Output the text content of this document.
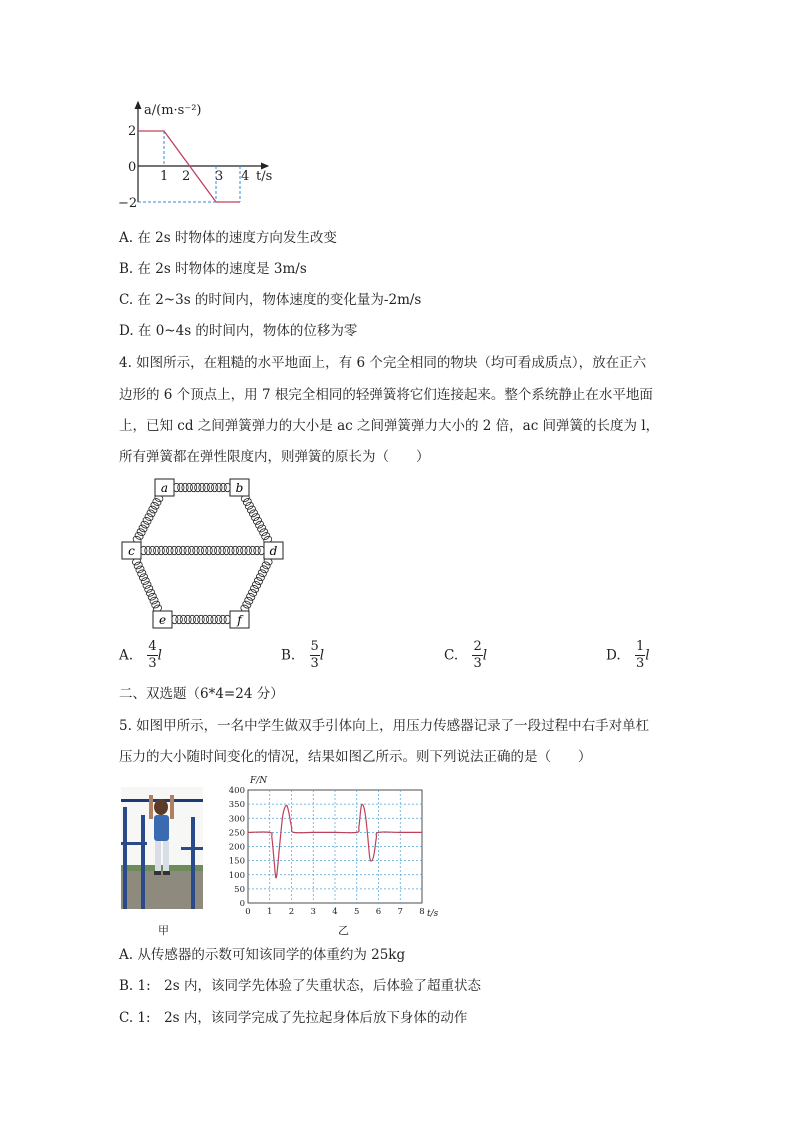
a/(m·s⁻²)
t/s
2
0
−2
1 2 3 4
A. 在 2s 时物体的速度方向发生改变
B. 在 2s 时物体的速度是 3m/s
C. 在 2~3s 的时间内，物体速度的变化量为-2m/s
D. 在 0~4s 的时间内，物体的位移为零
4. 如图所示，在粗糙的水平地面上，有 6 个完全相同的物块（均可看成质点），放在正六
边形的 6 个顶点上，用 7 根完全相同的轻弹簧将它们连接起来。整个系统静止在水平地面
上，已知 cd 之间弹簧弹力的大小是 ac 之间弹簧弹力大小的 2 倍，ac 间弹簧的长度为 l，
所有弹簧都在弹性限度内，则弹簧的原长为（　　）
a	b
c	d
e	f
A. $\frac{4}{3}$ l	B. $\frac{5}{3}$ l	C. $\frac{2}{3}$ l	D. $\frac{1}{3}$ l
二、双选题（6*4=24 分）
5. 如图甲所示，一名中学生做双手引体向上，用压力传感器记录了一段过程中右手对单杠
压力的大小随时间变化的情况，结果如图乙所示。则下列说法正确的是（　　）
甲
0
50
100
150
200
250
300
350
400
0 1 2 3 4 5 6 7 8
F/N
t/s
乙
A. 从传感器的示数可知该同学的体重约为 25kg
B. 1:　2s 内，该同学先体验了失重状态，后体验了超重状态
C. 1:　2s 内，该同学完成了先拉起身体后放下身体的动作
